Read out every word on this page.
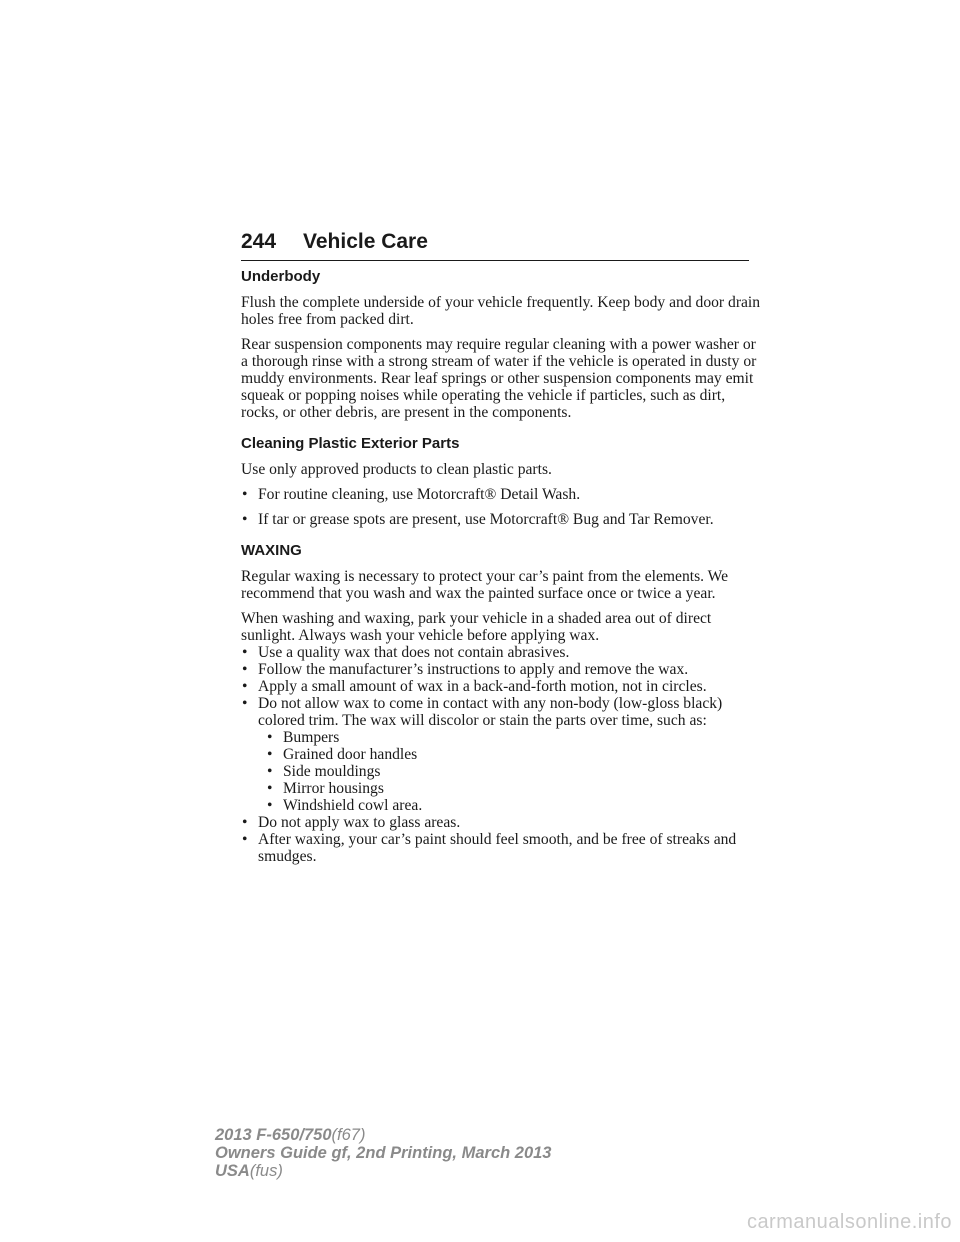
244 Vehicle Care
Underbody

Flush the complete underside of your vehicle frequently. Keep body and door drain holes free from packed dirt.

Rear suspension components may require regular cleaning with a power washer or a thorough rinse with a strong stream of water if the vehicle is operated in dusty or muddy environments. Rear leaf springs or other suspension components may emit squeak or popping noises while operating the vehicle if particles, such as dirt, rocks, or other debris, are present in the components.

Cleaning Plastic Exterior Parts

Use only approved products to clean plastic parts.

• For routine cleaning, use Motorcraft® Detail Wash.
• If tar or grease spots are present, use Motorcraft® Bug and Tar Remover.
WAXING

Regular waxing is necessary to protect your car’s paint from the elements. We recommend that you wash and wax the painted surface once or twice a year.

When washing and waxing, park your vehicle in a shaded area out of direct sunlight. Always wash your vehicle before applying wax.

• Use a quality wax that does not contain abrasives.
• Follow the manufacturer’s instructions to apply and remove the wax.
• Apply a small amount of wax in a back-and-forth motion, not in circles.
• Do not allow wax to come in contact with any non-body (low-gloss black) colored trim. The wax will discolor or stain the parts over time, such as:
• Bumpers
• Grained door handles
• Side mouldings
• Mirror housings
• Windshield cowl area.
• Do not apply wax to glass areas.
• After waxing, your car’s paint should feel smooth, and be free of streaks and smudges.
2013 F-650/750(f67)
Owners Guide gf, 2nd Printing, March 2013
USA(fus)
carmanualsonline.info
